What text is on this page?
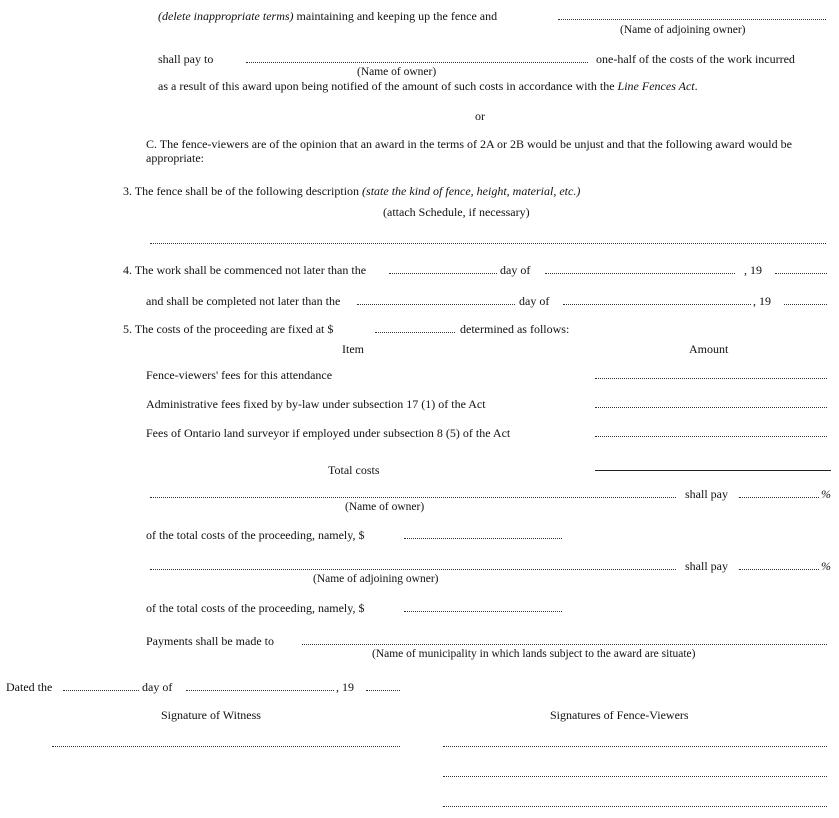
(delete inappropriate terms) maintaining and keeping up the fence and
(Name of adjoining owner)
shall pay to	one-half of the costs of the work incurred
(Name of owner)
as a result of this award upon being notified of the amount of such costs in accordance with the Line Fences Act.
or
C. The fence-viewers are of the opinion that an award in the terms of 2A or 2B would be unjust and that the following award would be appropriate:
3. The fence shall be of the following description (state the kind of fence, height, material, etc.)
(attach Schedule, if necessary)
4. The work shall be commenced not later than the	day of	, 19
and shall be completed not later than the	day of	, 19
5. The costs of the proceeding are fixed at $	determined as follows:
Item	Amount
Fence-viewers' fees for this attendance
Administrative fees fixed by by-law under subsection 17 (1) of the Act
Fees of Ontario land surveyor if employed under subsection 8 (5) of the Act
Total costs
shall pay	%
(Name of owner)
of the total costs of the proceeding, namely, $
shall pay	%
(Name of adjoining owner)
of the total costs of the proceeding, namely, $
Payments shall be made to
(Name of municipality in which lands subject to the award are situate)
Dated the	day of	, 19
Signature of Witness	Signatures of Fence-Viewers
